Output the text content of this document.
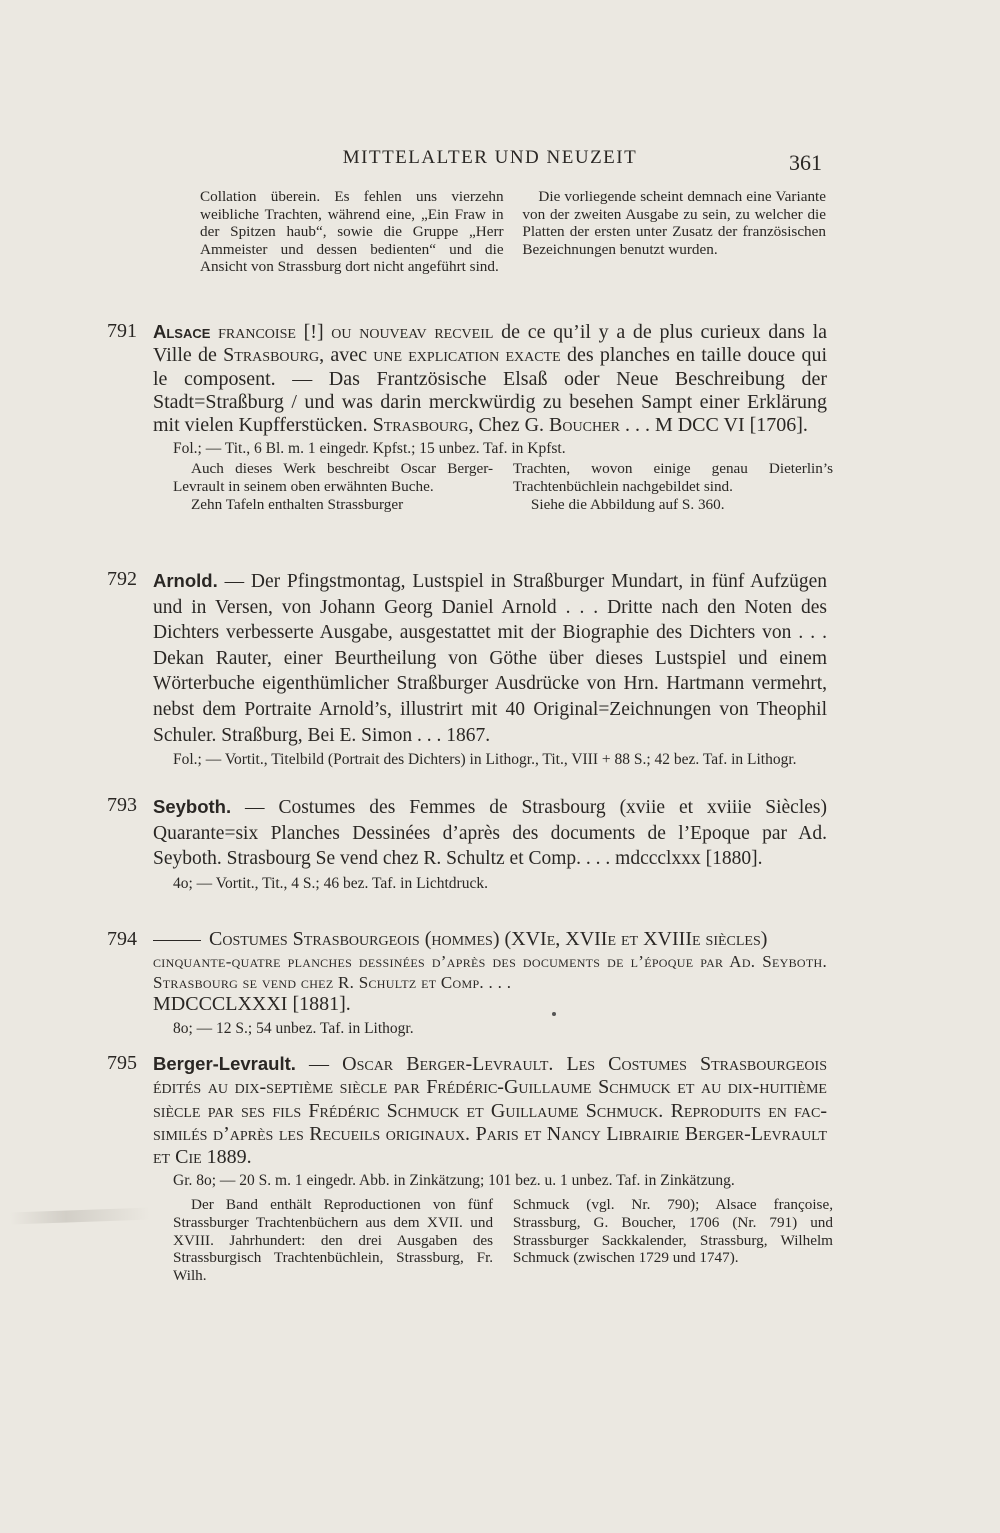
MITTELALTER UND NEUZEIT	361
Collation überein. Es fehlen uns vierzehn weibliche Trachten, während eine, „Ein Fraw in der Spitzen haub“, sowie die Gruppe „Herr Ammeister und dessen bedienten“ und die Ansicht von Strassburg dort nicht angeführt sind.
Die vorliegende scheint demnach eine Variante von der zweiten Ausgabe zu sein, zu welcher die Platten der ersten unter Zusatz der französischen Bezeichnungen benutzt wurden.
791 Alsace francoise [!] ou nouveav recveil de ce qu’il y a de plus curieux dans la Ville de Strasbourg, avec une explication exacte des planches en taille douce qui le composent. — Das Frantzösische Elsaß oder Neue Beschreibung der Stadt=Straßburg / und was darin merckwürdig zu besehen Sampt einer Erklärung mit vielen Kupfferstücken. Strasbourg, Chez G. Boucher . . . M DCC VI [1706].
Fol.; — Tit., 6 Bl. m. 1 eingedr. Kpfst.; 15 unbez. Taf. in Kpfst.

Auch dieses Werk beschreibt Oscar Berger-Levrault in seinem oben erwähnten Buche.

Zehn Tafeln enthalten Strassburger

Trachten, wovon einige genau Dieterlin’s Trachtenbüchlein nachgebildet sind.

Siehe die Abbildung auf S. 360.

792 Arnold. — Der Pfingstmontag, Lustspiel in Straßburger Mundart, in fünf Aufzügen und in Versen, von Johann Georg Daniel Arnold . . . Dritte nach den Noten des Dichters verbesserte Ausgabe, ausgestattet mit der Biographie des Dichters von . . . Dekan Rauter, einer Beurtheilung von Göthe über dieses Lustspiel und einem Wörterbuche eigenthümlicher Straßburger Ausdrücke von Hrn. Hartmann vermehrt, nebst dem Portraite Arnold’s, illustrirt mit 40 Original=Zeichnungen von Theophil Schuler. Straßburg, Bei E. Simon . . . 1867.
Fol.; — Vortit., Titelbild (Portrait des Dichters) in Lithogr., Tit., VIII + 88 S.; 42 bez. Taf. in Lithogr.
793 Seyboth. — Costumes des Femmes de Strasbourg (xviie et xviiie Siècles) Quarante=six Planches Dessinées d’après des documents de l’Epoque par Ad. Seyboth. Strasbourg Se vend chez R. Schultz et Comp. . . . mdccclxxx [1880].
4o; — Vortit., Tit., 4 S.; 46 bez. Taf. in Lichtdruck.
794	Costumes Strasbourgeois (hommes) (XVIe, XVIIe et XVIIIe siècles)
cinquante-quatre planches dessinées d’après des documents de l’époque par Ad. Seyboth. Strasbourg se vend chez R. Schultz et Comp. . . .
MDCCCLXXXI [1881].
8o; — 12 S.; 54 unbez. Taf. in Lithogr.
795 Berger-Levrault. — Oscar Berger-Levrault. Les Costumes Strasbourgeois édités au dix-septième siècle par Frédéric-Guillaume Schmuck et au dix-huitième siècle par ses fils Frédéric Schmuck et Guillaume Schmuck. Reproduits en fac-similés d’après les Recueils originaux. Paris et Nancy Librairie Berger-Levrault et Cie 1889.
Gr. 8o; — 20 S. m. 1 eingedr. Abb. in Zinkätzung; 101 bez. u. 1 unbez. Taf. in Zinkätzung.
Der Band enthält Reproductionen von fünf Strassburger Trachtenbüchern aus dem XVII. und XVIII. Jahrhundert: den drei Ausgaben des Strassburgisch Trachtenbüchlein, Strassburg, Fr. Wilh.
Schmuck (vgl. Nr. 790); Alsace françoise, Strassburg, G. Boucher, 1706 (Nr. 791) und Strassburger Sackkalender, Strassburg, Wilhelm Schmuck (zwischen 1729 und 1747).
